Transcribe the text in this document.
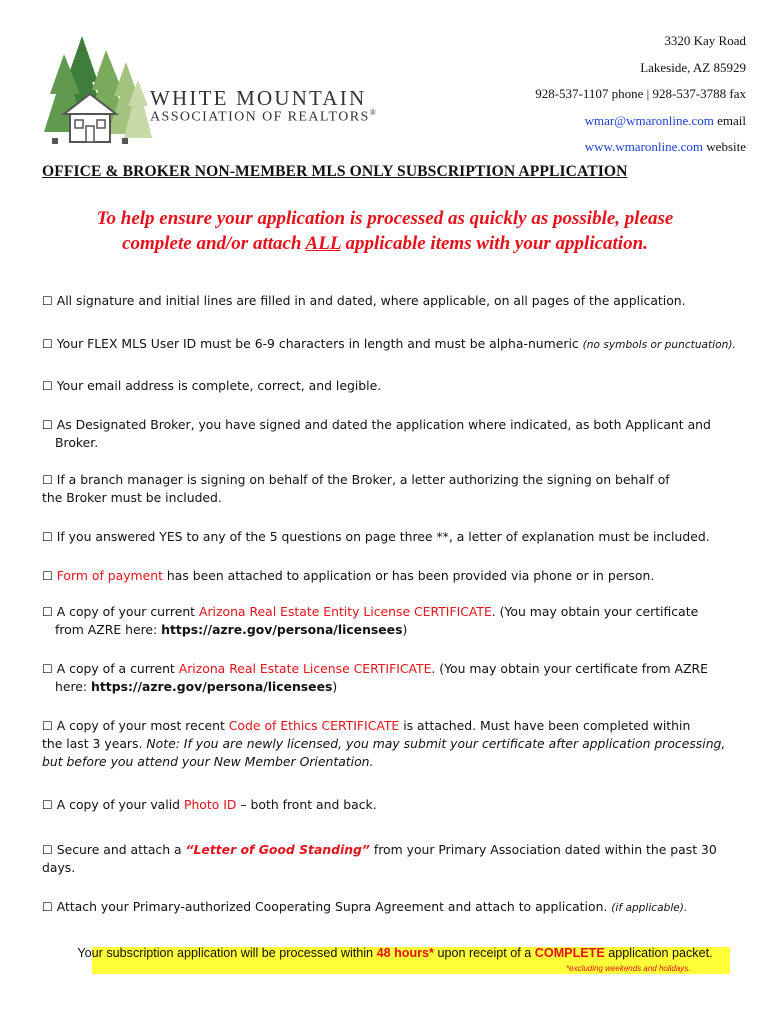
WHITE MOUNTAIN
ASSOCIATION OF REALTORS®
3320 Kay Road
Lakeside, AZ 85929
928-537-1107 phone | 928-537-3788 fax
wmar@wmaronline.com email
www.wmaronline.com website
OFFICE & BROKER NON-MEMBER MLS ONLY SUBSCRIPTION APPLICATION
To help ensure your application is processed as quickly as possible, please
complete and/or attach ALL applicable items with your application.
☐ All signature and initial lines are filled in and dated, where applicable, on all pages of the application.
☐ Your FLEX MLS User ID must be 6-9 characters in length and must be alpha-numeric (no symbols or punctuation).
☐ Your email address is complete, correct, and legible.
☐ As Designated Broker, you have signed and dated the application where indicated, as both Applicant and
Broker.
☐ If a branch manager is signing on behalf of the Broker, a letter authorizing the signing on behalf of
the Broker must be included.
☐ If you answered YES to any of the 5 questions on page three **, a letter of explanation must be included.
☐ Form of payment has been attached to application or has been provided via phone or in person.
☐ A copy of your current Arizona Real Estate Entity License CERTIFICATE. (You may obtain your certificate
from AZRE here: https://azre.gov/persona/licensees)
☐ A copy of a current Arizona Real Estate License CERTIFICATE. (You may obtain your certificate from AZRE
here: https://azre.gov/persona/licensees)
☐ A copy of your most recent Code of Ethics CERTIFICATE is attached. Must have been completed within
the last 3 years. Note: If you are newly licensed, you may submit your certificate after application processing,
but before you attend your New Member Orientation.
☐ A copy of your valid Photo ID – both front and back.
☐ Secure and attach a “Letter of Good Standing” from your Primary Association dated within the past 30
days.
☐ Attach your Primary-authorized Cooperating Supra Agreement and attach to application. (if applicable).
Your subscription application will be processed within 48 hours* upon receipt of a COMPLETE application packet.
*excluding weekends and holidays.
